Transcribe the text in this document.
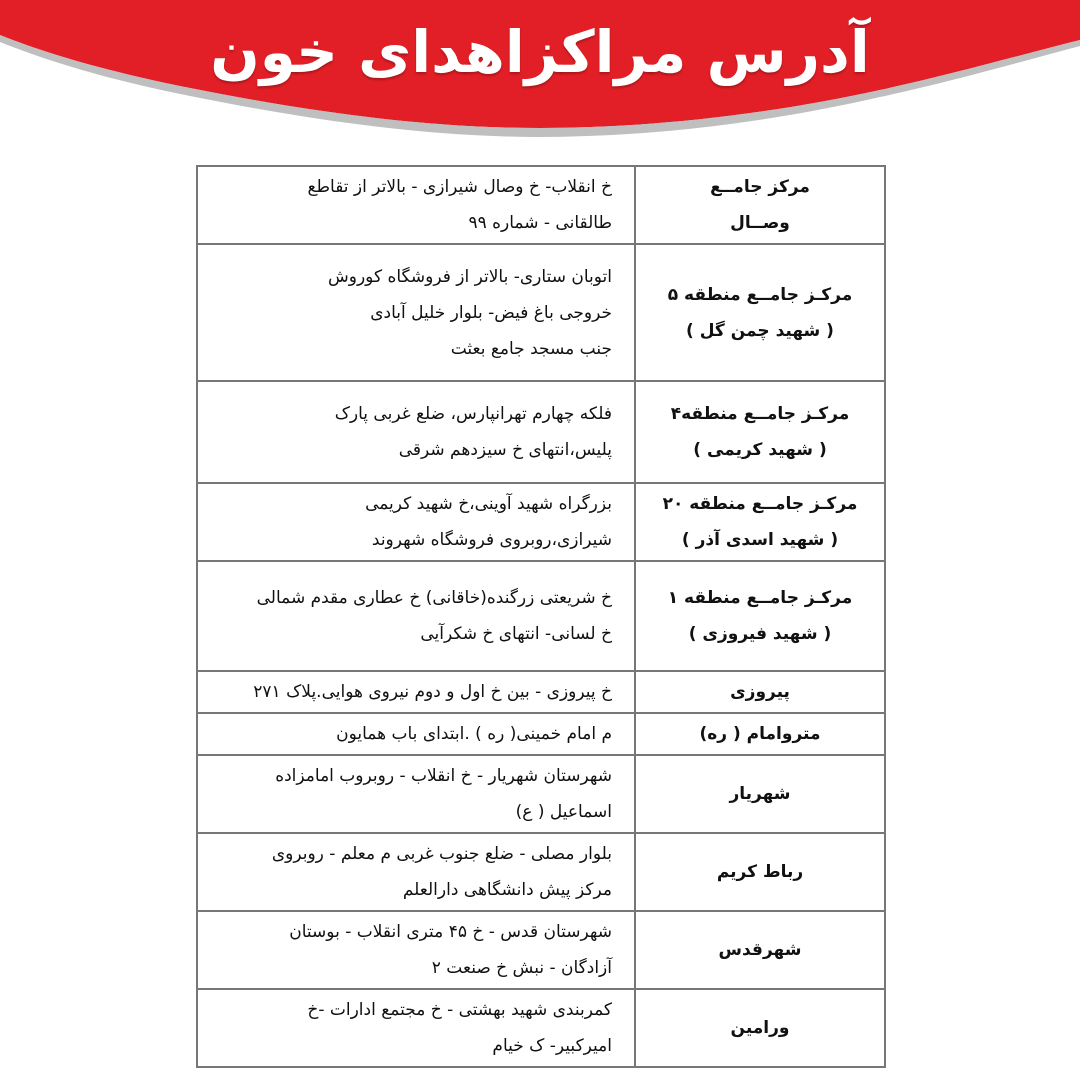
آدرس مراکزاهدای خون
مرکز جامــع
وصــال	خ انقلاب- خ وصال شیرازی - بالاتر از تقاطع
طالقانی - شماره ۹۹
مرکـز جامــع منطقه ۵
( شهید چمن گل )	اتوبان ستاری- بالاتر از فروشگاه کوروش
خروجی باغ فیض- بلوار خلیل آبادی
جنب مسجد جامع بعثت
مرکـز جامــع منطقه۴
( شهید کریمی )	فلکه چهارم تهرانپارس، ضلع غربی پارک
پلیس،انتهای خ سیزدهم شرقی
مرکـز جامــع منطقه ۲۰
( شهید اسدی آذر )	بزرگراه شهید آوینی،خ شهید کریمی
شیرازی،روبروی فروشگاه شهروند
مرکـز جامــع منطقه ۱
( شهید فیروزی )	خ شریعتی زرگنده(خاقانی) خ عطاری مقدم شمالی
خ لسانی- انتهای خ شکرآیی
پیروزی	خ پیروزی - بین خ اول و دوم نیروی هوایی.پلاک ۲۷۱
متروامام ( ره)	م امام خمینی( ره ) .ابتدای باب همایون
شهریار	شهرستان شهریار - خ انقلاب - روبروب امامزاده
اسماعیل ( ع)
رباط کریم	بلوار مصلی - ضلع جنوب غربی م معلم - روبروی
مرکز پیش دانشگاهی دارالعلم
شهرقدس	شهرستان قدس - خ ۴۵ متری انقلاب - بوستان
آزادگان - نبش خ صنعت ۲
ورامین	کمربندی شهید بهشتی - خ مجتمع ادارات -خ
امیرکبیر- ک خیام
